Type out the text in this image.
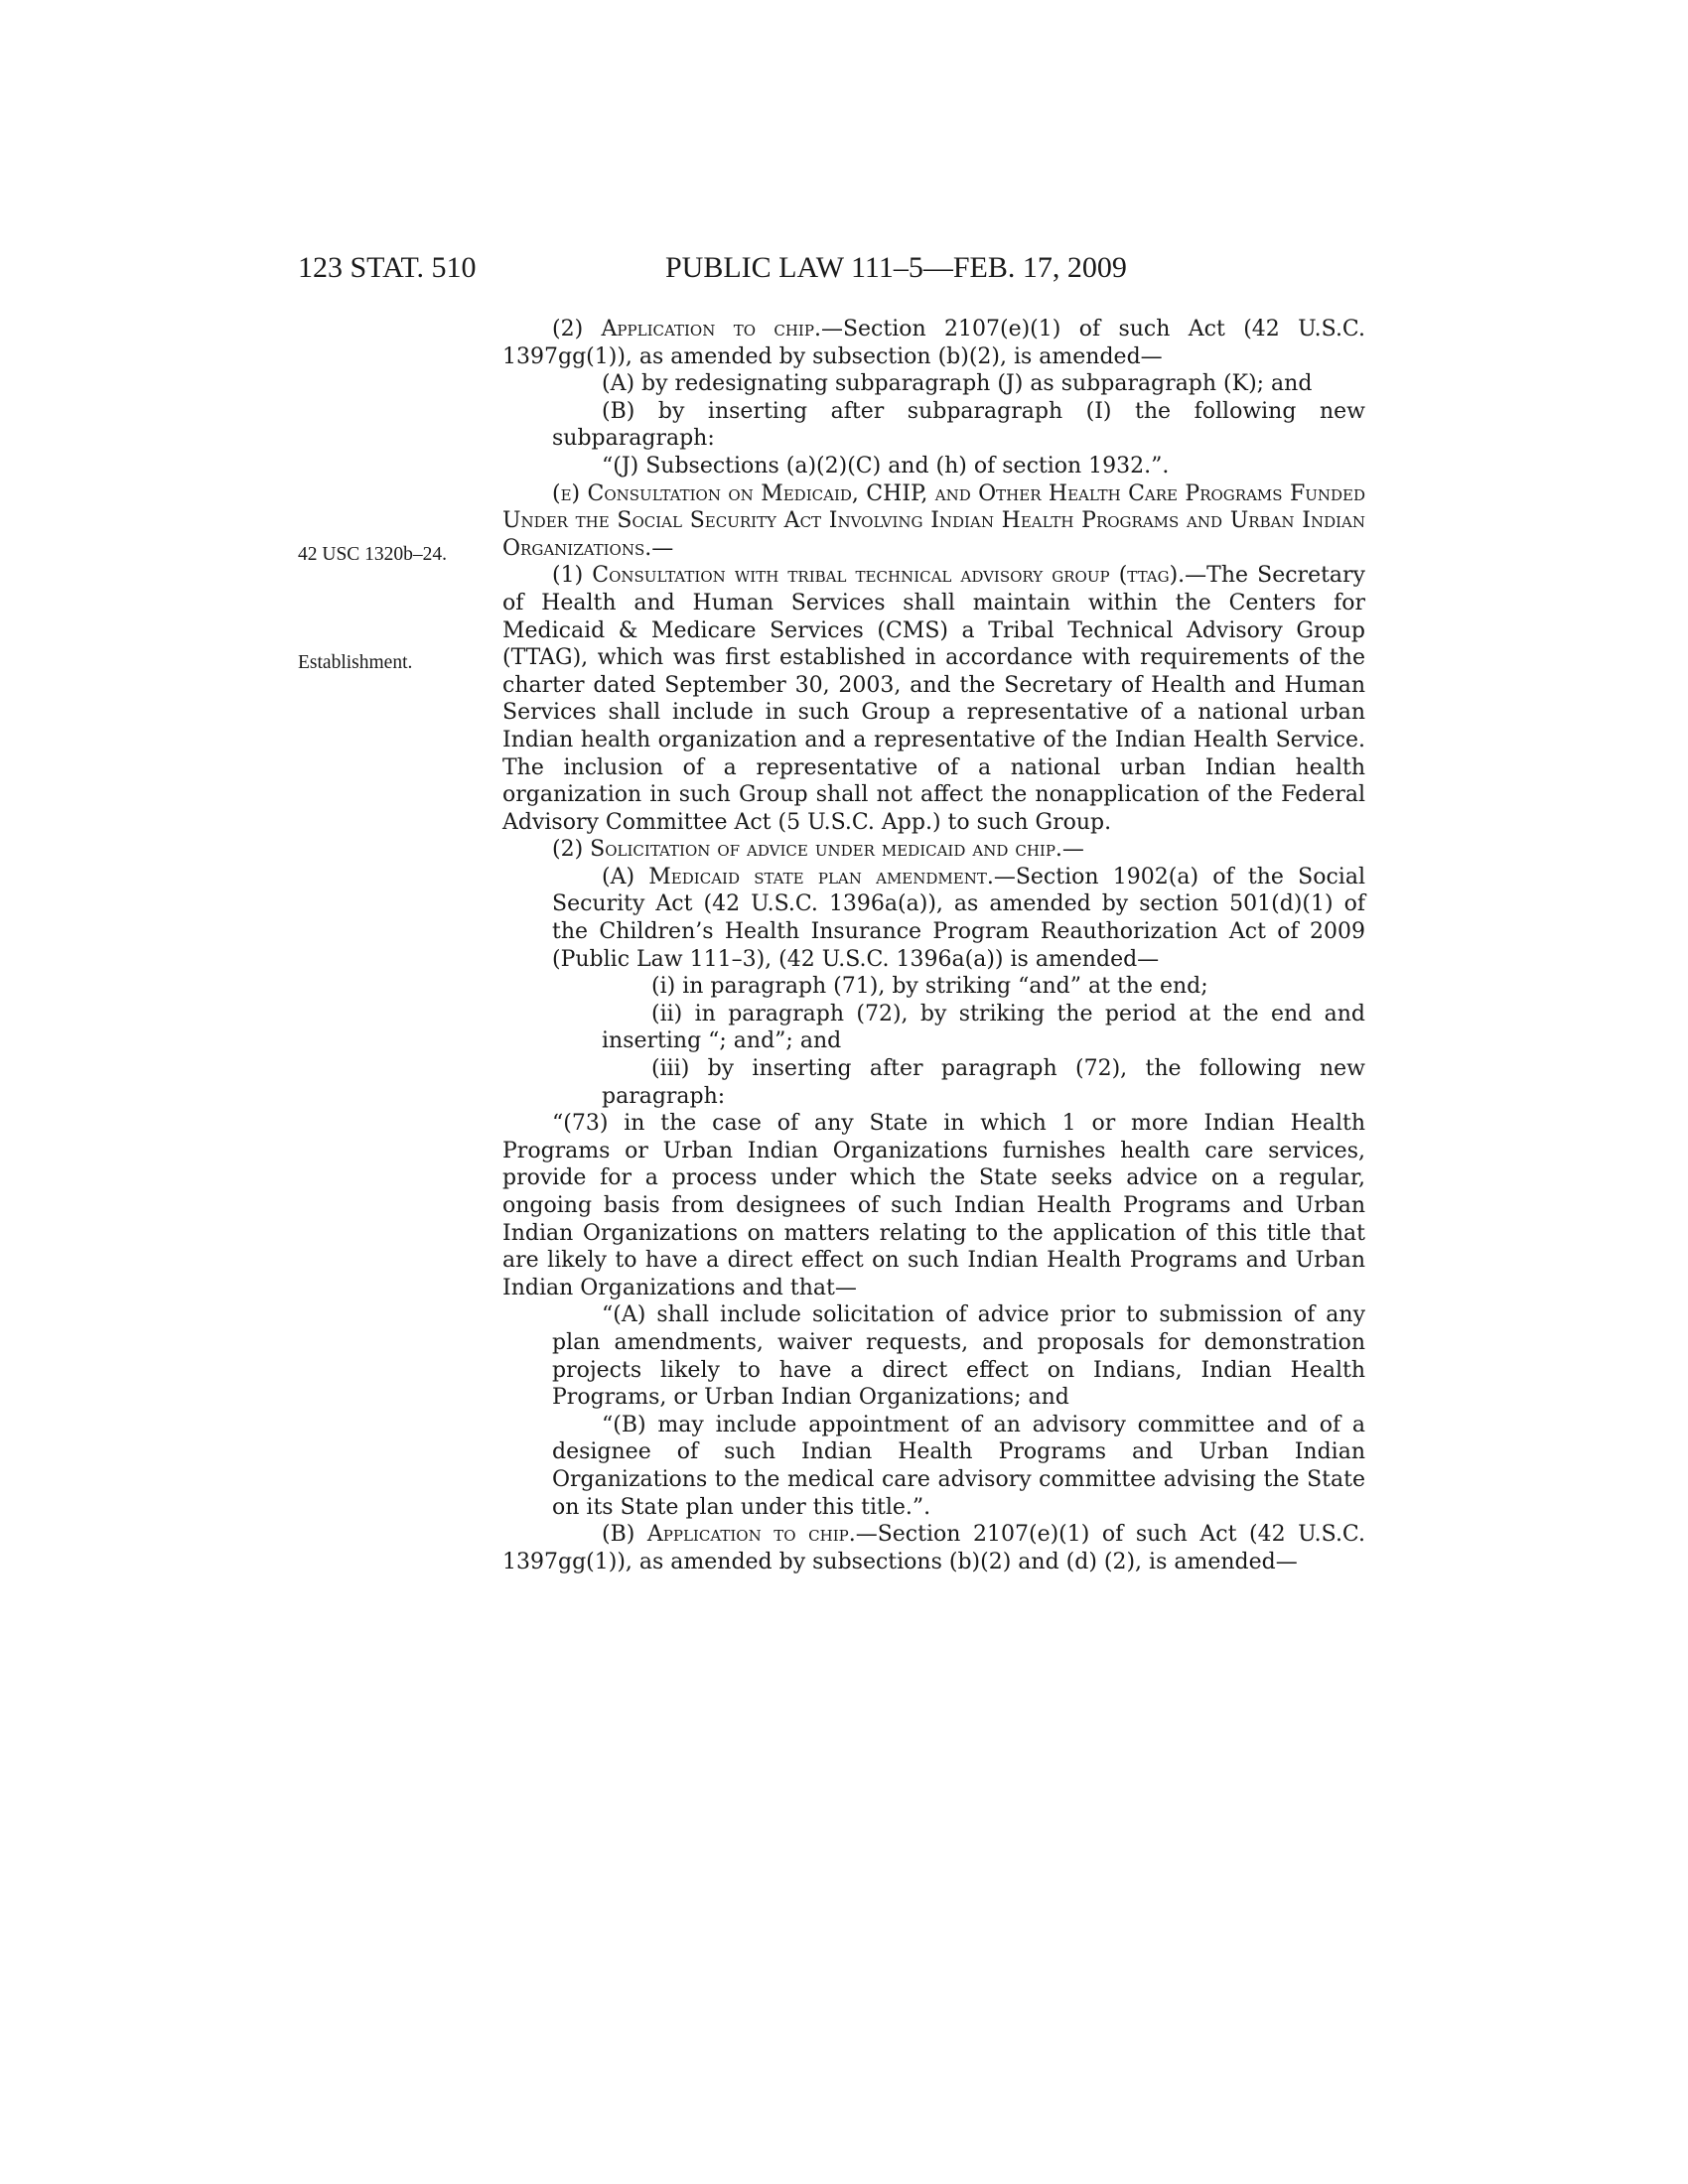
123 STAT. 510	PUBLIC LAW 111–5—FEB. 17, 2009
42 USC 1320b–24.
Establishment.

(2) Application to chip.—Section 2107(e)(1) of such Act (42 U.S.C. 1397gg(1)), as amended by subsection (b)(2), is amended—

(A) by redesignating subparagraph (J) as subparagraph (K); and

(B) by inserting after subparagraph (I) the following new subparagraph:

“(J) Subsections (a)(2)(C) and (h) of section 1932.”.

(e) Consultation on Medicaid, CHIP, and Other Health Care Programs Funded Under the Social Security Act Involving Indian Health Programs and Urban Indian Organizations.—

(1) Consultation with tribal technical advisory group (ttag).—The Secretary of Health and Human Services shall maintain within the Centers for Medicaid & Medicare Services (CMS) a Tribal Technical Advisory Group (TTAG), which was first established in accordance with requirements of the charter dated September 30, 2003, and the Secretary of Health and Human Services shall include in such Group a representative of a national urban Indian health organization and a representative of the Indian Health Service. The inclusion of a representative of a national urban Indian health organization in such Group shall not affect the nonapplication of the Federal Advisory Committee Act (5 U.S.C. App.) to such Group.

(2) Solicitation of advice under medicaid and chip.—

(A) Medicaid state plan amendment.—Section 1902(a) of the Social Security Act (42 U.S.C. 1396a(a)), as amended by section 501(d)(1) of the Children’s Health Insurance Program Reauthorization Act of 2009 (Public Law 111–3), (42 U.S.C. 1396a(a)) is amended—

(i) in paragraph (71), by striking “and” at the end;

(ii) in paragraph (72), by striking the period at the end and inserting “; and”; and

(iii) by inserting after paragraph (72), the following new paragraph:

“(73) in the case of any State in which 1 or more Indian Health Programs or Urban Indian Organizations furnishes health care services, provide for a process under which the State seeks advice on a regular, ongoing basis from designees of such Indian Health Programs and Urban Indian Organizations on matters relating to the application of this title that are likely to have a direct effect on such Indian Health Programs and Urban Indian Organizations and that—

“(A) shall include solicitation of advice prior to submission of any plan amendments, waiver requests, and proposals for demonstration projects likely to have a direct effect on Indians, Indian Health Programs, or Urban Indian Organizations; and

“(B) may include appointment of an advisory committee and of a designee of such Indian Health Programs and Urban Indian Organizations to the medical care advisory committee advising the State on its State plan under this title.”.

(B) Application to chip.—Section 2107(e)(1) of such Act (42 U.S.C. 1397gg(1)), as amended by subsections (b)(2) and (d) (2), is amended—
